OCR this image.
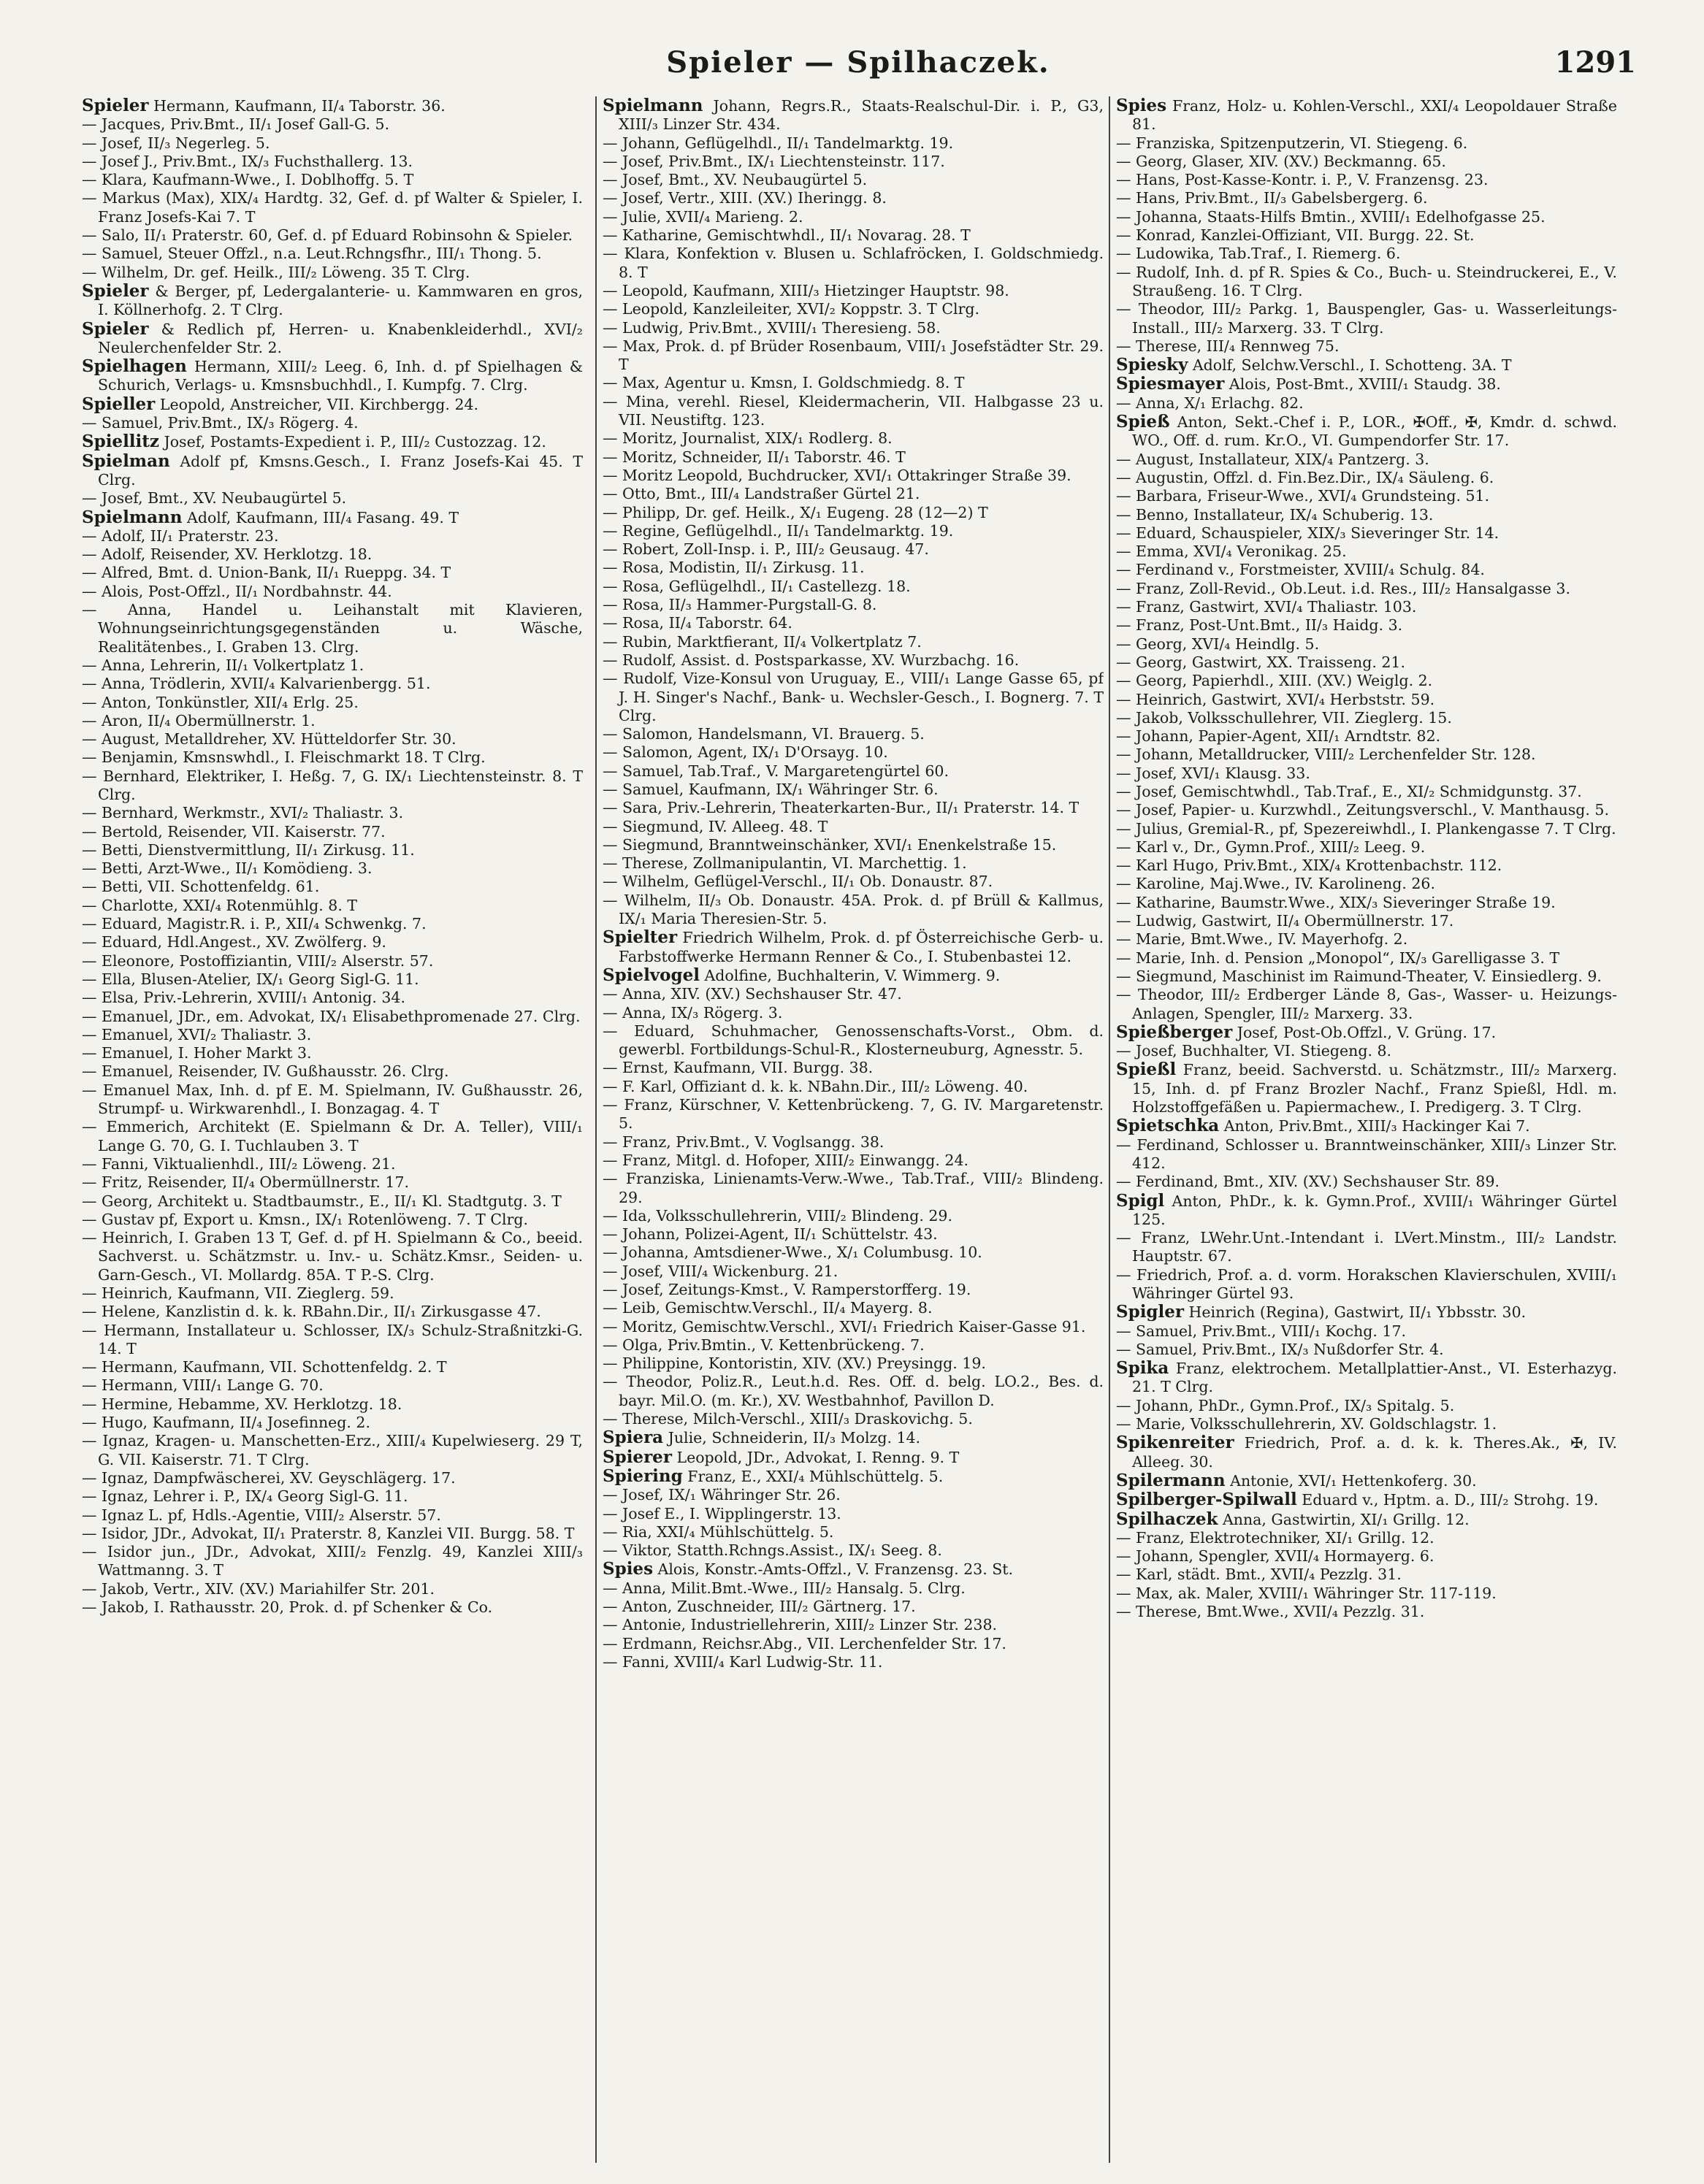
Spieler — Spilhaczek.	1291

Spieler Hermann, Kaufmann, II/₄ Taborstr. 36.

— Jacques, Priv.Bmt., II/₁ Josef Gall-G. 5.

— Josef, II/₃ Negerleg. 5.

— Josef J., Priv.Bmt., IX/₃ Fuchsthallerg. 13.

— Klara, Kaufmann-Wwe., I. Doblhoffg. 5. T

— Markus (Max), XIX/₄ Hardtg. 32, Gef. d. pf Walter & Spieler, I. Franz Josefs-Kai 7. T

— Salo, II/₁ Praterstr. 60, Gef. d. pf Eduard Robinsohn & Spieler.

— Samuel, Steuer Offzl., n.a. Leut.Rchngsfhr., III/₁ Thong. 5.

— Wilhelm, Dr. gef. Heilk., III/₂ Löweng. 35 T. Clrg.

Spieler & Berger, pf, Ledergalanterie- u. Kammwaren en gros, I. Köllnerhofg. 2. T Clrg.

Spieler & Redlich pf, Herren- u. Knabenkleiderhdl., XVI/₂ Neulerchenfelder Str. 2.

Spielhagen Hermann, XIII/₂ Leeg. 6, Inh. d. pf Spielhagen & Schurich, Verlags- u. Kmsnsbuchhdl., I. Kumpfg. 7. Clrg.

Spieller Leopold, Anstreicher, VII. Kirchbergg. 24.

— Samuel, Priv.Bmt., IX/₃ Rögerg. 4.

Spiellitz Josef, Postamts-Expedient i. P., III/₂ Custozzag. 12.

Spielman Adolf pf, Kmsns.Gesch., I. Franz Josefs-Kai 45. T Clrg.

— Josef, Bmt., XV. Neubaugürtel 5.

Spielmann Adolf, Kaufmann, III/₄ Fasang. 49. T

— Adolf, II/₁ Praterstr. 23.

— Adolf, Reisender, XV. Herklotzg. 18.

— Alfred, Bmt. d. Union-Bank, II/₁ Rueppg. 34. T

— Alois, Post-Offzl., II/₁ Nordbahnstr. 44.

— Anna, Handel u. Leihanstalt mit Klavieren, Wohnungseinrichtungsgegenständen u. Wäsche, Realitätenbes., I. Graben 13. Clrg.

— Anna, Lehrerin, II/₁ Volkertplatz 1.

— Anna, Trödlerin, XVII/₄ Kalvarienbergg. 51.

— Anton, Tonkünstler, XII/₄ Erlg. 25.

— Aron, II/₄ Obermüllnerstr. 1.

— August, Metalldreher, XV. Hütteldorfer Str. 30.

— Benjamin, Kmsnswhdl., I. Fleischmarkt 18. T Clrg.

— Bernhard, Elektriker, I. Heßg. 7, G. IX/₁ Liechtensteinstr. 8. T Clrg.

— Bernhard, Werkmstr., XVI/₂ Thaliastr. 3.

— Bertold, Reisender, VII. Kaiserstr. 77.

— Betti, Dienstvermittlung, II/₁ Zirkusg. 11.

— Betti, Arzt-Wwe., II/₁ Komödieng. 3.

— Betti, VII. Schottenfeldg. 61.

— Charlotte, XXI/₄ Rotenmühlg. 8. T

— Eduard, Magistr.R. i. P., XII/₄ Schwenkg. 7.

— Eduard, Hdl.Angest., XV. Zwölferg. 9.

— Eleonore, Postoffiziantin, VIII/₂ Alserstr. 57.

— Ella, Blusen-Atelier, IX/₁ Georg Sigl-G. 11.

— Elsa, Priv.-Lehrerin, XVIII/₁ Antonig. 34.

— Emanuel, JDr., em. Advokat, IX/₁ Elisabethpromenade 27. Clrg.

— Emanuel, XVI/₂ Thaliastr. 3.

— Emanuel, I. Hoher Markt 3.

— Emanuel, Reisender, IV. Gußhausstr. 26. Clrg.

— Emanuel Max, Inh. d. pf E. M. Spielmann, IV. Gußhausstr. 26, Strumpf- u. Wirkwarenhdl., I. Bonzagag. 4. T

— Emmerich, Architekt (E. Spielmann & Dr. A. Teller), VIII/₁ Lange G. 70, G. I. Tuchlauben 3. T

— Fanni, Viktualienhdl., III/₂ Löweng. 21.

— Fritz, Reisender, II/₄ Obermüllnerstr. 17.

— Georg, Architekt u. Stadtbaumstr., E., II/₁ Kl. Stadtgutg. 3. T

— Gustav pf, Export u. Kmsn., IX/₁ Rotenlöweng. 7. T Clrg.

— Heinrich, I. Graben 13 T, Gef. d. pf H. Spielmann & Co., beeid. Sachverst. u. Schätzmstr. u. Inv.- u. Schätz.Kmsr., Seiden- u. Garn-Gesch., VI. Mollardg. 85A. T P.-S. Clrg.

— Heinrich, Kaufmann, VII. Zieglerg. 59.

— Helene, Kanzlistin d. k. k. RBahn.Dir., II/₁ Zirkusgasse 47.

— Hermann, Installateur u. Schlosser, IX/₃ Schulz-Straßnitzki-G. 14. T

— Hermann, Kaufmann, VII. Schottenfeldg. 2. T

— Hermann, VIII/₁ Lange G. 70.

— Hermine, Hebamme, XV. Herklotzg. 18.

— Hugo, Kaufmann, II/₄ Josefinneg. 2.

— Ignaz, Kragen- u. Manschetten-Erz., XIII/₄ Kupelwieserg. 29 T, G. VII. Kaiserstr. 71. T Clrg.

— Ignaz, Dampfwäscherei, XV. Geyschlägerg. 17.

— Ignaz, Lehrer i. P., IX/₄ Georg Sigl-G. 11.

— Ignaz L. pf, Hdls.-Agentie, VIII/₂ Alserstr. 57.

— Isidor, JDr., Advokat, II/₁ Praterstr. 8, Kanzlei VII. Burgg. 58. T

— Isidor jun., JDr., Advokat, XIII/₂ Fenzlg. 49, Kanzlei XIII/₃ Wattmanng. 3. T

— Jakob, Vertr., XIV. (XV.) Mariahilfer Str. 201.

— Jakob, I. Rathausstr. 20, Prok. d. pf Schenker & Co.

Spielmann Johann, Regrs.R., Staats-Realschul-Dir. i. P., G3, XIII/₃ Linzer Str. 434.

— Johann, Geflügelhdl., II/₁ Tandelmarktg. 19.

— Josef, Priv.Bmt., IX/₁ Liechtensteinstr. 117.

— Josef, Bmt., XV. Neubaugürtel 5.

— Josef, Vertr., XIII. (XV.) Iheringg. 8.

— Julie, XVII/₄ Marieng. 2.

— Katharine, Gemischtwhdl., II/₁ Novarag. 28. T

— Klara, Konfektion v. Blusen u. Schlafröcken, I. Goldschmiedg. 8. T

— Leopold, Kaufmann, XIII/₃ Hietzinger Hauptstr. 98.

— Leopold, Kanzleileiter, XVI/₂ Koppstr. 3. T Clrg.

— Ludwig, Priv.Bmt., XVIII/₁ Theresieng. 58.

— Max, Prok. d. pf Brüder Rosenbaum, VIII/₁ Josefstädter Str. 29. T

— Max, Agentur u. Kmsn, I. Goldschmiedg. 8. T

— Mina, verehl. Riesel, Kleidermacherin, VII. Halbgasse 23 u. VII. Neustiftg. 123.

— Moritz, Journalist, XIX/₁ Rodlerg. 8.

— Moritz, Schneider, II/₁ Taborstr. 46. T

— Moritz Leopold, Buchdrucker, XVI/₁ Ottakringer Straße 39.

— Otto, Bmt., III/₄ Landstraßer Gürtel 21.

— Philipp, Dr. gef. Heilk., X/₁ Eugeng. 28 (12—2) T

— Regine, Geflügelhdl., II/₁ Tandelmarktg. 19.

— Robert, Zoll-Insp. i. P., III/₂ Geusaug. 47.

— Rosa, Modistin, II/₁ Zirkusg. 11.

— Rosa, Geflügelhdl., II/₁ Castellezg. 18.

— Rosa, II/₃ Hammer-Purgstall-G. 8.

— Rosa, II/₄ Taborstr. 64.

— Rubin, Marktfierant, II/₄ Volkertplatz 7.

— Rudolf, Assist. d. Postsparkasse, XV. Wurzbachg. 16.

— Rudolf, Vize-Konsul von Uruguay, E., VIII/₁ Lange Gasse 65, pf J. H. Singer's Nachf., Bank- u. Wechsler-Gesch., I. Bognerg. 7. T Clrg.

— Salomon, Handelsmann, VI. Brauerg. 5.

— Salomon, Agent, IX/₁ D'Orsayg. 10.

— Samuel, Tab.Traf., V. Margaretengürtel 60.

— Samuel, Kaufmann, IX/₁ Währinger Str. 6.

— Sara, Priv.-Lehrerin, Theaterkarten-Bur., II/₁ Praterstr. 14. T

— Siegmund, IV. Alleeg. 48. T

— Siegmund, Branntweinschänker, XVI/₁ Enenkelstraße 15.

— Therese, Zollmanipulantin, VI. Marchettig. 1.

— Wilhelm, Geflügel-Verschl., II/₁ Ob. Donaustr. 87.

— Wilhelm, II/₃ Ob. Donaustr. 45A. Prok. d. pf Brüll & Kallmus, IX/₁ Maria Theresien-Str. 5.

Spielter Friedrich Wilhelm, Prok. d. pf Österreichische Gerb- u. Farbstoffwerke Hermann Renner & Co., I. Stubenbastei 12.

Spielvogel Adolfine, Buchhalterin, V. Wimmerg. 9.

— Anna, XIV. (XV.) Sechshauser Str. 47.

— Anna, IX/₃ Rögerg. 3.

— Eduard, Schuhmacher, Genossenschafts-Vorst., Obm. d. gewerbl. Fortbildungs-Schul-R., Klosterneuburg, Agnesstr. 5.

— Ernst, Kaufmann, VII. Burgg. 38.

— F. Karl, Offiziant d. k. k. NBahn.Dir., III/₂ Löweng. 40.

— Franz, Kürschner, V. Kettenbrückeng. 7, G. IV. Margaretenstr. 5.

— Franz, Priv.Bmt., V. Voglsangg. 38.

— Franz, Mitgl. d. Hofoper, XIII/₂ Einwangg. 24.

— Franziska, Linienamts-Verw.-Wwe., Tab.Traf., VIII/₂ Blindeng. 29.

— Ida, Volksschullehrerin, VIII/₂ Blindeng. 29.

— Johann, Polizei-Agent, II/₁ Schüttelstr. 43.

— Johanna, Amtsdiener-Wwe., X/₁ Columbusg. 10.

— Josef, VIII/₄ Wickenburg. 21.

— Josef, Zeitungs-Kmst., V. Ramperstorfferg. 19.

— Leib, Gemischtw.Verschl., II/₄ Mayerg. 8.

— Moritz, Gemischtw.Verschl., XVI/₁ Friedrich Kaiser-Gasse 91.

— Olga, Priv.Bmtin., V. Kettenbrückeng. 7.

— Philippine, Kontoristin, XIV. (XV.) Preysingg. 19.

— Theodor, Poliz.R., Leut.h.d. Res. Off. d. belg. LO.2., Bes. d. bayr. Mil.O. (m. Kr.), XV. Westbahnhof, Pavillon D.

— Therese, Milch-Verschl., XIII/₃ Draskovichg. 5.

Spiera Julie, Schneiderin, II/₃ Molzg. 14.

Spierer Leopold, JDr., Advokat, I. Renng. 9. T

Spiering Franz, E., XXI/₄ Mühlschüttelg. 5.

— Josef, IX/₁ Währinger Str. 26.

— Josef E., I. Wipplingerstr. 13.

— Ria, XXI/₄ Mühlschüttelg. 5.

— Viktor, Statth.Rchngs.Assist., IX/₁ Seeg. 8.

Spies Alois, Konstr.-Amts-Offzl., V. Franzensg. 23. St.

— Anna, Milit.Bmt.-Wwe., III/₂ Hansalg. 5. Clrg.

— Anton, Zuschneider, III/₂ Gärtnerg. 17.

— Antonie, Industriellehrerin, XIII/₂ Linzer Str. 238.

— Erdmann, Reichsr.Abg., VII. Lerchenfelder Str. 17.

— Fanni, XVIII/₄ Karl Ludwig-Str. 11.

Spies Franz, Holz- u. Kohlen-Verschl., XXI/₄ Leopoldauer Straße 81.

— Franziska, Spitzenputzerin, VI. Stiegeng. 6.

— Georg, Glaser, XIV. (XV.) Beckmanng. 65.

— Hans, Post-Kasse-Kontr. i. P., V. Franzensg. 23.

— Hans, Priv.Bmt., II/₃ Gabelsbergerg. 6.

— Johanna, Staats-Hilfs Bmtin., XVIII/₁ Edelhofgasse 25.

— Konrad, Kanzlei-Offiziant, VII. Burgg. 22. St.

— Ludowika, Tab.Traf., I. Riemerg. 6.

— Rudolf, Inh. d. pf R. Spies & Co., Buch- u. Steindruckerei, E., V. Straußeng. 16. T Clrg.

— Theodor, III/₂ Parkg. 1, Bauspengler, Gas- u. Wasserleitungs-Install., III/₂ Marxerg. 33. T Clrg.

— Therese, III/₄ Rennweg 75.

Spiesky Adolf, Selchw.Verschl., I. Schotteng. 3A. T

Spiesmayer Alois, Post-Bmt., XVIII/₁ Staudg. 38.

— Anna, X/₁ Erlachg. 82.

Spieß Anton, Sekt.-Chef i. P., LOR., ✠Off., ✠, Kmdr. d. schwd. WO., Off. d. rum. Kr.O., VI. Gumpendorfer Str. 17.

— August, Installateur, XIX/₄ Pantzerg. 3.

— Augustin, Offzl. d. Fin.Bez.Dir., IX/₄ Säuleng. 6.

— Barbara, Friseur-Wwe., XVI/₄ Grundsteing. 51.

— Benno, Installateur, IX/₄ Schuberig. 13.

— Eduard, Schauspieler, XIX/₃ Sieveringer Str. 14.

— Emma, XVI/₄ Veronikag. 25.

— Ferdinand v., Forstmeister, XVIII/₄ Schulg. 84.

— Franz, Zoll-Revid., Ob.Leut. i.d. Res., III/₂ Hansalgasse 3.

— Franz, Gastwirt, XVI/₄ Thaliastr. 103.

— Franz, Post-Unt.Bmt., II/₃ Haidg. 3.

— Georg, XVI/₄ Heindlg. 5.

— Georg, Gastwirt, XX. Traisseng. 21.

— Georg, Papierhdl., XIII. (XV.) Weiglg. 2.

— Heinrich, Gastwirt, XVI/₄ Herbststr. 59.

— Jakob, Volksschullehrer, VII. Zieglerg. 15.

— Johann, Papier-Agent, XII/₁ Arndtstr. 82.

— Johann, Metalldrucker, VIII/₂ Lerchenfelder Str. 128.

— Josef, XVI/₁ Klausg. 33.

— Josef, Gemischtwhdl., Tab.Traf., E., XI/₂ Schmidgunstg. 37.

— Josef, Papier- u. Kurzwhdl., Zeitungsverschl., V. Manthausg. 5.

— Julius, Gremial-R., pf, Spezereiwhdl., I. Plankengasse 7. T Clrg.

— Karl v., Dr., Gymn.Prof., XIII/₂ Leeg. 9.

— Karl Hugo, Priv.Bmt., XIX/₄ Krottenbachstr. 112.

— Karoline, Maj.Wwe., IV. Karolineng. 26.

— Katharine, Baumstr.Wwe., XIX/₃ Sieveringer Straße 19.

— Ludwig, Gastwirt, II/₄ Obermüllnerstr. 17.

— Marie, Bmt.Wwe., IV. Mayerhofg. 2.

— Marie, Inh. d. Pension „Monopol“, IX/₃ Garelligasse 3. T

— Siegmund, Maschinist im Raimund-Theater, V. Einsiedlerg. 9.

— Theodor, III/₂ Erdberger Lände 8, Gas-, Wasser- u. Heizungs-Anlagen, Spengler, III/₂ Marxerg. 33.

Spießberger Josef, Post-Ob.Offzl., V. Grüng. 17.

— Josef, Buchhalter, VI. Stiegeng. 8.

Spießl Franz, beeid. Sachverstd. u. Schätzmstr., III/₂ Marxerg. 15, Inh. d. pf Franz Brozler Nachf., Franz Spießl, Hdl. m. Holzstoffgefäßen u. Papiermachew., I. Predigerg. 3. T Clrg.

Spietschka Anton, Priv.Bmt., XIII/₃ Hackinger Kai 7.

— Ferdinand, Schlosser u. Branntweinschänker, XIII/₃ Linzer Str. 412.

— Ferdinand, Bmt., XIV. (XV.) Sechshauser Str. 89.

Spigl Anton, PhDr., k. k. Gymn.Prof., XVIII/₁ Währinger Gürtel 125.

— Franz, LWehr.Unt.-Intendant i. LVert.Minstm., III/₂ Landstr. Hauptstr. 67.

— Friedrich, Prof. a. d. vorm. Horakschen Klavierschulen, XVIII/₁ Währinger Gürtel 93.

Spigler Heinrich (Regina), Gastwirt, II/₁ Ybbsstr. 30.

— Samuel, Priv.Bmt., VIII/₁ Kochg. 17.

— Samuel, Priv.Bmt., IX/₃ Nußdorfer Str. 4.

Spika Franz, elektrochem. Metallplattier-Anst., VI. Esterhazyg. 21. T Clrg.

— Johann, PhDr., Gymn.Prof., IX/₃ Spitalg. 5.

— Marie, Volksschullehrerin, XV. Goldschlagstr. 1.

Spikenreiter Friedrich, Prof. a. d. k. k. Theres.Ak., ✠, IV. Alleeg. 30.

Spilermann Antonie, XVI/₁ Hettenkoferg. 30.

Spilberger-Spilwall Eduard v., Hptm. a. D., III/₂ Strohg. 19.

Spilhaczek Anna, Gastwirtin, XI/₁ Grillg. 12.

— Franz, Elektrotechniker, XI/₁ Grillg. 12.

— Johann, Spengler, XVII/₄ Hormayerg. 6.

— Karl, städt. Bmt., XVII/₄ Pezzlg. 31.

— Max, ak. Maler, XVIII/₁ Währinger Str. 117-119.

— Therese, Bmt.Wwe., XVII/₄ Pezzlg. 31.
